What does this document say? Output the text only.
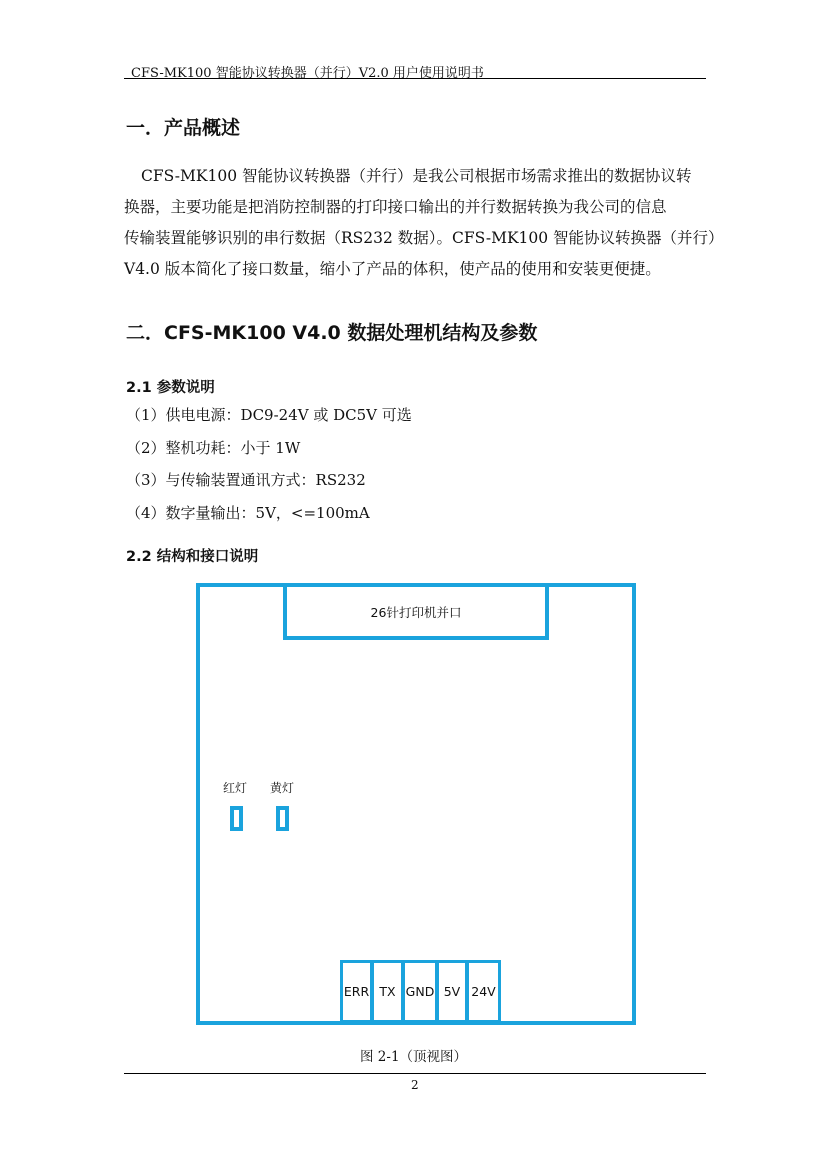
CFS-MK100 智能协议转换器（并行）V2.0 用户使用说明书
一．产品概述
CFS-MK100 智能协议转换器（并行）是我公司根据市场需求推出的数据协议转
换器，主要功能是把消防控制器的打印接口输出的并行数据转换为我公司的信息
传输装置能够识别的串行数据（RS232 数据）。CFS-MK100 智能协议转换器（并行）
V4.0 版本简化了接口数量，缩小了产品的体积，使产品的使用和安装更便捷。
二．CFS-MK100 V4.0 数据处理机结构及参数
2.1 参数说明
（1）供电电源：DC9-24V 或 DC5V 可选
（2）整机功耗：小于 1W
（3）与传输装置通讯方式：RS232
（4）数字量输出：5V，<=100mA
2.2 结构和接口说明
26针打印机并口
红灯 黄灯
ERR TX GND 5V 24V
图 2-1（顶视图）
2
